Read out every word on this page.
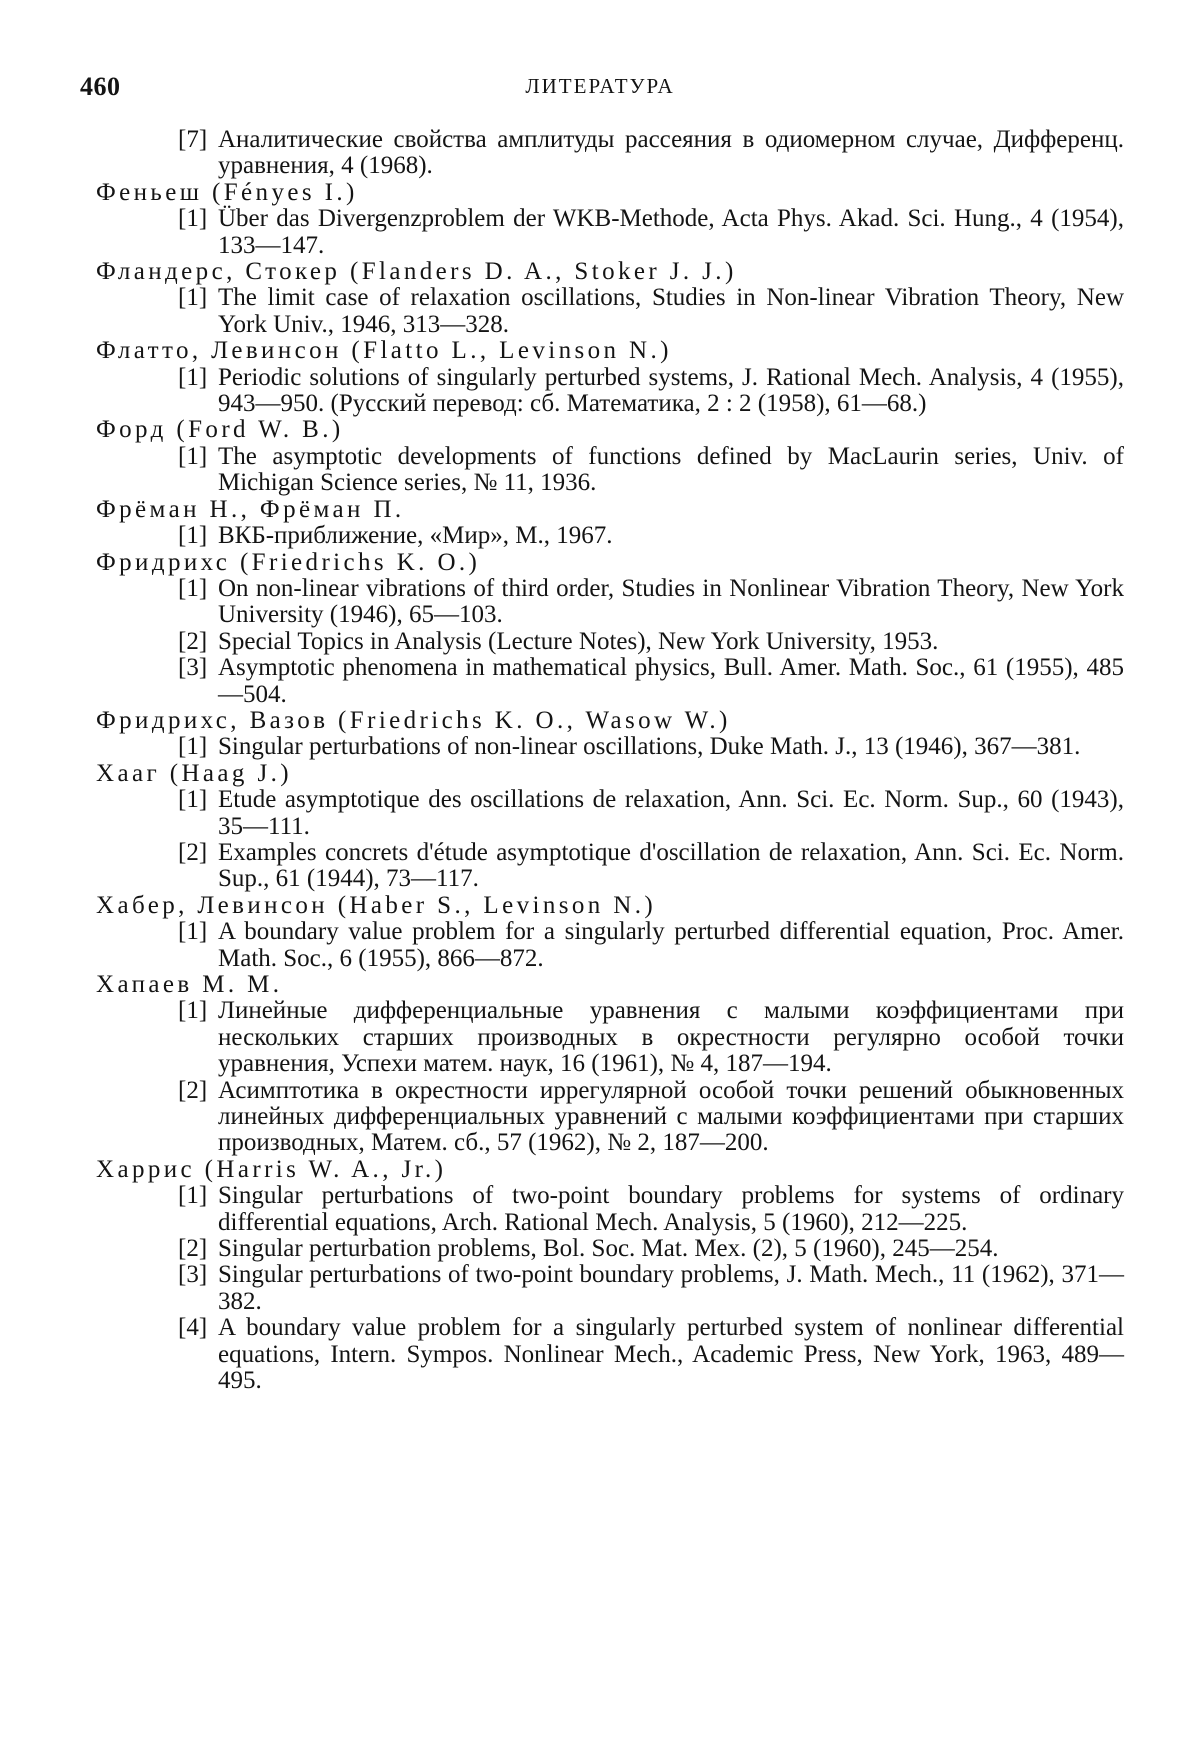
460	ЛИТЕРАТУРА
[7] Аналитические свойства амплитуды рассеяния в одиомерном случае, Дифференц. уравнения, 4 (1968).
Феньеш (Fényes I.)
[1] Über das Divergenzproblem der WKB-Methode, Acta Phys. Akad. Sci. Hung., 4 (1954), 133—147.
Фландерс, Стокер (Flanders D. A., Stoker J. J.)
[1] The limit case of relaxation oscillations, Studies in Non-linear Vibration Theory, New York Univ., 1946, 313—328.
Флатто, Левинсон (Flatto L., Levinson N.)
[1] Periodic solutions of singularly perturbed systems, J. Rational Mech. Analysis, 4 (1955), 943—950. (Русский перевод: сб. Математика, 2 : 2 (1958), 61—68.)
Форд (Ford W. B.)
[1] The asymptotic developments of functions defined by MacLaurin series, Univ. of Michigan Science series, № 11, 1936.
Фрёман Н., Фрёман П.
[1] ВКБ-приближение, «Мир», М., 1967.
Фридрихс (Friedrichs K. O.)
[1] On non-linear vibrations of third order, Studies in Nonlinear Vibration Theory, New York University (1946), 65—103.
[2] Special Topics in Analysis (Lecture Notes), New York University, 1953.
[3] Asymptotic phenomena in mathematical physics, Bull. Amer. Math. Soc., 61 (1955), 485—504.
Фридрихс, Вазов (Friedrichs K. O., Wasow W.)
[1] Singular perturbations of non-linear oscillations, Duke Math. J., 13 (1946), 367—381.
Хааг (Haag J.)
[1] Etude asymptotique des oscillations de relaxation, Ann. Sci. Ec. Norm. Sup., 60 (1943), 35—111.
[2] Examples concrets d'étude asymptotique d'oscillation de relaxation, Ann. Sci. Ec. Norm. Sup., 61 (1944), 73—117.
Хабер, Левинсон (Haber S., Levinson N.)
[1] A boundary value problem for a singularly perturbed differential equation, Proc. Amer. Math. Soc., 6 (1955), 866—872.
Хапаев М. М.
[1] Линейные дифференциальные уравнения с малыми коэффициентами при нескольких старших производных в окрестности регулярно особой точки уравнения, Успехи матем. наук, 16 (1961), № 4, 187—194.
[2] Асимптотика в окрестности иррегулярной особой точки решений обыкновенных линейных дифференциальных уравнений с малыми коэффициентами при старших производных, Матем. сб., 57 (1962), № 2, 187—200.
Харрис (Harris W. A., Jr.)
[1] Singular perturbations of two-point boundary problems for systems of ordinary differential equations, Arch. Rational Mech. Analysis, 5 (1960), 212—225.
[2] Singular perturbation problems, Bol. Soc. Mat. Mex. (2), 5 (1960), 245—254.
[3] Singular perturbations of two-point boundary problems, J. Math. Mech., 11 (1962), 371—382.
[4] A boundary value problem for a singularly perturbed system of nonlinear differential equations, Intern. Sympos. Nonlinear Mech., Academic Press, New York, 1963, 489—495.
